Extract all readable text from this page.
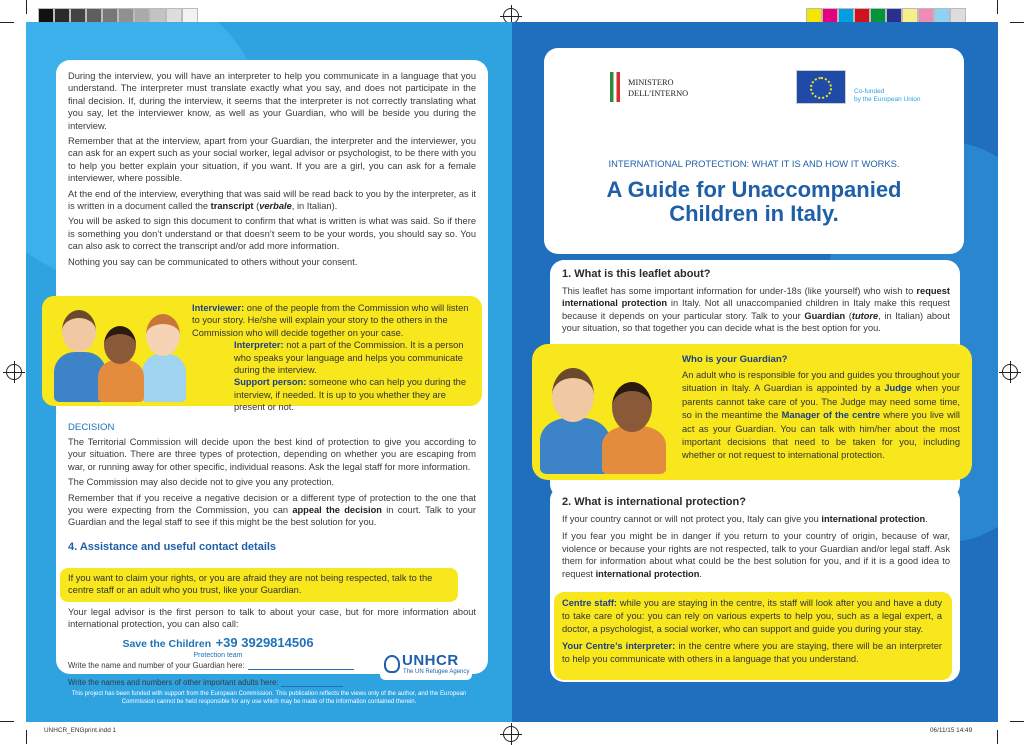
During the interview, you will have an interpreter to help you communicate in a language that you understand. The interpreter must translate exactly what you say, and does not participate in the final decision. If, during the interview, it seems that the interpreter is not correctly translating what you say, let the interviewer know, as well as your Guardian, who will be beside you during the interview.

Remember that at the interview, apart from your Guardian, the interpreter and the interviewer, you can ask for an expert such as your social worker, legal advisor or psychologist, to be there with you to help you better explain your situation, if you want. If you are a girl, you can ask for a female interviewer, where possible.

At the end of the interview, everything that was said will be read back to you by the interpreter, as it is written in a document called the transcript (verbale, in Italian).

You will be asked to sign this document to confirm that what is written is what was said. So if there is something you don’t understand or that doesn’t seem to be your words, you should say so. You can also ask to correct the transcript and/or add more information.

Nothing you say can be communicated to others without your consent.

Interviewer: one of the people from the Commission who will listen to your story. He/she will explain your story to the others in the Commission who will decide together on your case.
Interpreter: not a part of the Commission. It is a person who speaks your language and helps you communicate during the interview.
Support person: someone who can help you during the interview, if needed. It is up to you whether they are present or not.
DECISION

The Territorial Commission will decide upon the best kind of protection to give you according to your situation. There are three types of protection, depending on whether you are escaping from war, or running away for other specific, individual reasons. Ask the legal staff for more information.

The Commission may also decide not to give you any protection.

Remember that if you receive a negative decision or a different type of protection to the one that you were expecting from the Commission, you can appeal the decision in court. Talk to your Guardian and the legal staff to see if this might be the best solution for you.

4. Assistance and useful contact details
If you want to claim your rights, or you are afraid they are not being respected, talk to the centre staff or an adult who you trust, like your Guardian.

Your legal advisor is the first person to talk to about your case, but for more information about international protection, you can also call:

Save the Children +39 3929814506
Protection team
Write the name and number of your Guardian here:
Write the names and numbers of other important adults here:
UNHCR
The UN Refugee Agency
This project has been funded with support from the European Commission. This publication reflects the views only of the author, and the European Commission cannot be held responsible for any use which may be made of the information contained therein.
MINISTERO
DELL’INTERNO	Co-funded
by the European Union
INTERNATIONAL PROTECTION: WHAT IT IS AND HOW IT WORKS.
A Guide for Unaccompanied
Children in Italy.
1. What is this leaflet about?

This leaflet has some important information for under-18s (like yourself) who wish to request international protection in Italy. Not all unaccompanied children in Italy make this request because it depends on your particular story. Talk to your Guardian (tutore, in Italian) about your situation, so that together you can decide what is the best option for you.

Who is your Guardian?
An adult who is responsible for you and guides you throughout your situation in Italy. A Guardian is appointed by a Judge when your parents cannot take care of you. The Judge may need some time, so in the meantime the Manager of the centre where you live will act as your Guardian. You can talk with him/her about the most important decisions that need to be taken for you, including whether or not request to international protection.
2. What is international protection?

If your country cannot or will not protect you, Italy can give you international protection.

If you fear you might be in danger if you return to your country of origin, because of war, violence or because your rights are not respected, talk to your Guardian and/or legal staff. Ask them for information about what could be the best solution for you, and if it is a good idea to request international protection.

Centre staff: while you are staying in the centre, its staff will look after you and have a duty to take care of you: you can rely on various experts to help you, such as a legal expert, a doctor, a psychologist, a social worker, who can support and guide you during your stay.
Your Centre’s interpreter: in the centre where you are staying, there will be an interpreter to help you communicate with others in a language that you understand.
UNHCR_ENGprint.indd 1	06/11/15 14:49
